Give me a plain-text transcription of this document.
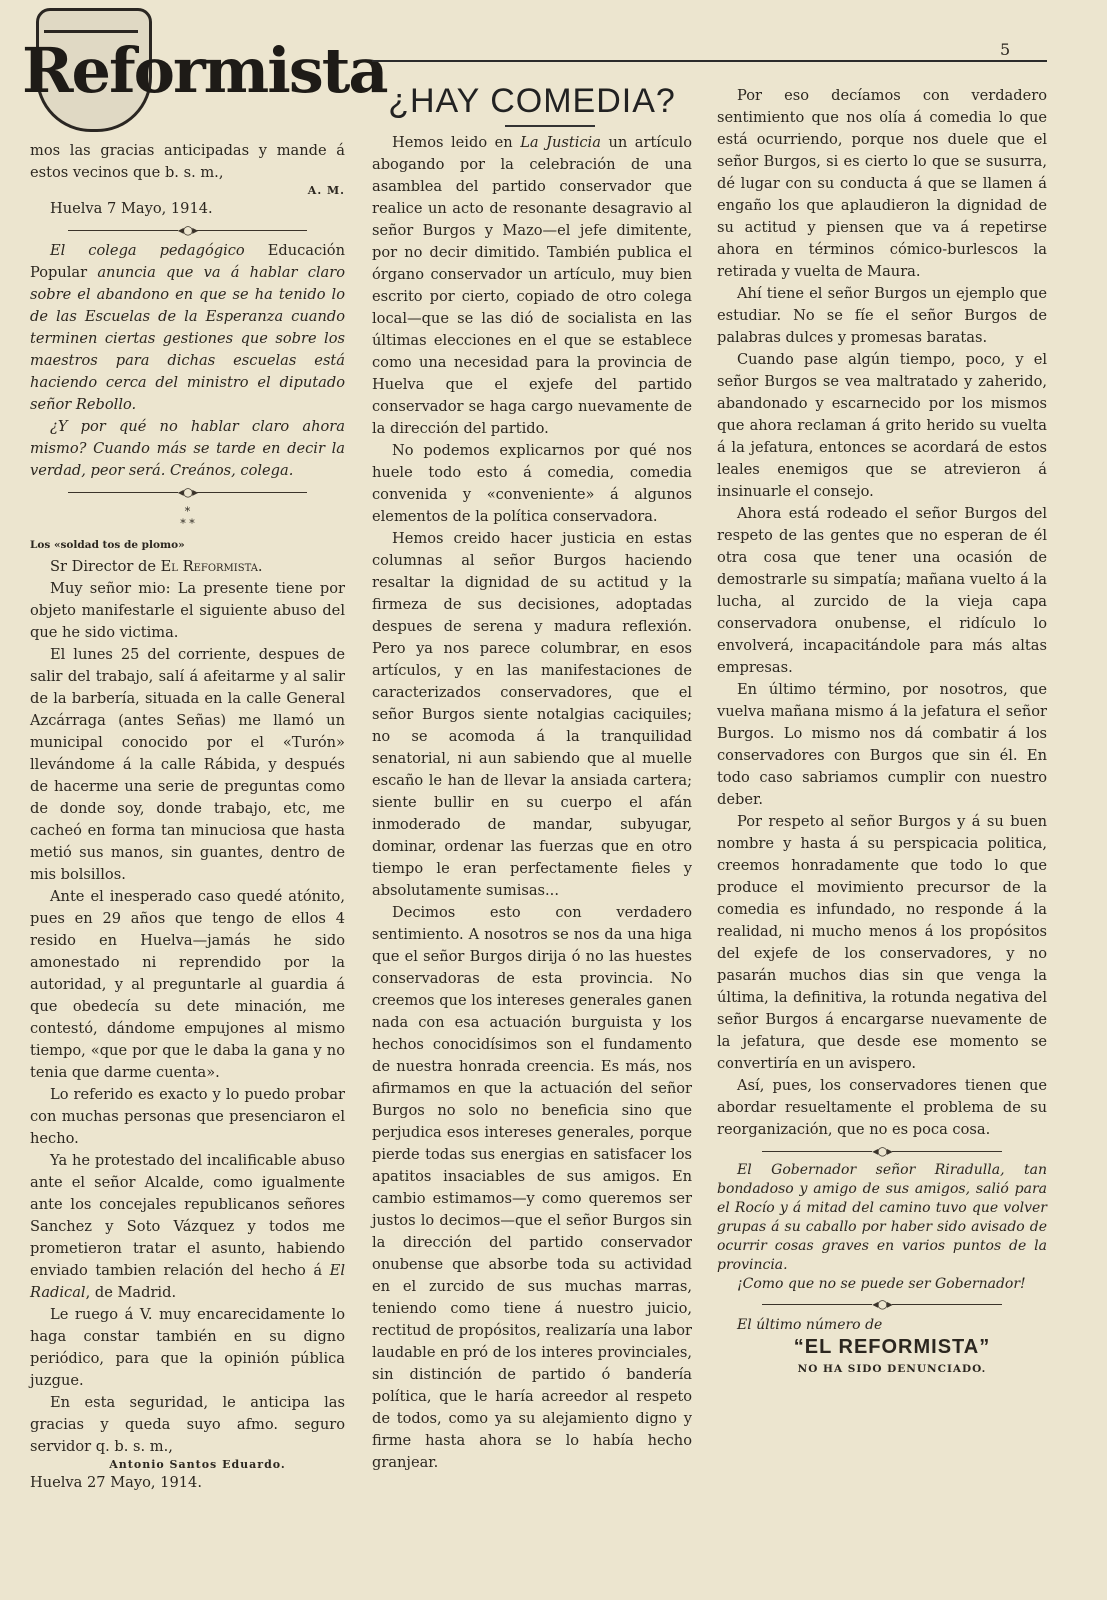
Reformista	5
¿HAY COMEDIA?

mos las gracias anticipadas y mande á estos vecinos que b. s. m.,

A. M.

Huelva 7 Mayo, 1914.

◂○▸

El colega pedagógico Educación Popular anuncia que va á hablar claro sobre el abandono en que se ha tenido lo de las Escuelas de la Esperanza cuando terminen ciertas gestiones que sobre los maestros para dichas escuelas está haciendo cerca del ministro el diputado señor Rebollo.

¿Y por qué no hablar claro ahora mismo? Cuando más se tarde en decir la verdad, peor será. Creános, colega.

◂○▸
*
* *

Los «soldad tos de plomo»

Sr Director de El Reformista.

Muy señor mio: La presente tiene por objeto manifestarle el siguiente abuso del que he sido victima.

El lunes 25 del corriente, despues de salir del trabajo, salí á afeitarme y al salir de la barbería, situada en la calle General Azcárraga (antes Señas) me llamó un municipal conocido por el «Turón» llevándome á la calle Rábida, y después de hacerme una serie de preguntas como de donde soy, donde trabajo, etc, me cacheó en forma tan minuciosa que hasta metió sus manos, sin guantes, dentro de mis bolsillos.

Ante el inesperado caso quedé atónito, pues en 29 años que tengo de ellos 4 resido en Huelva—jamás he sido amonestado ni reprendido por la autoridad, y al preguntarle al guardia á que obedecía su dete minación, me contestó, dándome empujones al mismo tiempo, «que por que le daba la gana y no tenia que darme cuenta».

Lo referido es exacto y lo puedo probar con muchas personas que presenciaron el hecho.

Ya he protestado del incalificable abuso ante el señor Alcalde, como igualmente ante los concejales republicanos señores Sanchez y Soto Vázquez y todos me prometieron tratar el asunto, habiendo enviado tambien relación del hecho á El Radical, de Madrid.

Le ruego á V. muy encarecidamente lo haga constar también en su digno periódico, para que la opinión pública juzgue.

En esta seguridad, le anticipa las gracias y queda suyo afmo. seguro servidor q. b. s. m.,

Antonio Santos Eduardo.

Huelva 27 Mayo, 1914.

Hemos leido en La Justicia un artículo abogando por la celebración de una asamblea del partido conservador que realice un acto de resonante desagravio al señor Burgos y Mazo—el jefe dimitente, por no decir dimitido. También publica el órgano conservador un artículo, muy bien escrito por cierto, copiado de otro colega local—que se las dió de socialista en las últimas elecciones en el que se establece como una necesidad para la provincia de Huelva que el exjefe del partido conservador se haga cargo nuevamente de la dirección del partido.

No podemos explicarnos por qué nos huele todo esto á comedia, comedia convenida y «conveniente» á algunos elementos de la política conservadora.

Hemos creido hacer justicia en estas columnas al señor Burgos haciendo resaltar la dignidad de su actitud y la firmeza de sus decisiones, adoptadas despues de serena y madura reflexión. Pero ya nos parece columbrar, en esos artículos, y en las manifestaciones de caracterizados conservadores, que el señor Burgos siente notalgias caciquiles; no se acomoda á la tranquilidad senatorial, ni aun sabiendo que al muelle escaño le han de llevar la ansiada cartera; siente bullir en su cuerpo el afán inmoderado de mandar, subyugar, dominar, ordenar las fuerzas que en otro tiempo le eran perfectamente fieles y absolutamente sumisas...

Decimos esto con verdadero sentimiento. A nosotros se nos da una higa que el señor Burgos dirija ó no las huestes conservadoras de esta provincia. No creemos que los intereses generales ganen nada con esa actuación burguista y los hechos conocidísimos son el fundamento de nuestra honrada creencia. Es más, nos afirmamos en que la actuación del señor Burgos no solo no beneficia sino que perjudica esos intereses generales, porque pierde todas sus energias en satisfacer los apatitos insaciables de sus amigos. En cambio estimamos—y como queremos ser justos lo decimos—que el señor Burgos sin la dirección del partido conservador onubense que absorbe toda su actividad en el zurcido de sus muchas marras, teniendo como tiene á nuestro juicio, rectitud de propósitos, realizaría una labor laudable en pró de los interes provinciales, sin distinción de partido ó bandería política, que le haría acreedor al respeto de todos, como ya su alejamiento digno y firme hasta ahora se lo había hecho granjear.

Por eso decíamos con verdadero sentimiento que nos olía á comedia lo que está ocurriendo, porque nos duele que el señor Burgos, si es cierto lo que se susurra, dé lugar con su conducta á que se llamen á engaño los que aplaudieron la dignidad de su actitud y piensen que va á repetirse ahora en términos cómico-burlescos la retirada y vuelta de Maura.

Ahí tiene el señor Burgos un ejemplo que estudiar. No se fíe el señor Burgos de palabras dulces y promesas baratas.

Cuando pase algún tiempo, poco, y el señor Burgos se vea maltratado y zaherido, abandonado y escarnecido por los mismos que ahora reclaman á grito herido su vuelta á la jefatura, entonces se acordará de estos leales enemigos que se atrevieron á insinuarle el consejo.

Ahora está rodeado el señor Burgos del respeto de las gentes que no esperan de él otra cosa que tener una ocasión de demostrarle su simpatía; mañana vuelto á la lucha, al zurcido de la vieja capa conservadora onubense, el ridículo lo envolverá, incapacitándole para más altas empresas.

En último término, por nosotros, que vuelva mañana mismo á la jefatura el señor Burgos. Lo mismo nos dá combatir á los conservadores con Burgos que sin él. En todo caso sabriamos cumplir con nuestro deber.

Por respeto al señor Burgos y á su buen nombre y hasta á su perspicacia politica, creemos honradamente que todo lo que produce el movimiento precursor de la comedia es infundado, no responde á la realidad, ni mucho menos á los propósitos del exjefe de los conservadores, y no pasarán muchos dias sin que venga la última, la definitiva, la rotunda negativa del señor Burgos á encargarse nuevamente de la jefatura, que desde ese momento se convertiría en un avispero.

Así, pues, los conservadores tienen que abordar resueltamente el problema de su reorganización, que no es poca cosa.

◂○▸

El Gobernador señor Riradulla, tan bondadoso y amigo de sus amigos, salió para el Rocío y á mitad del camino tuvo que volver grupas á su caballo por haber sido avisado de ocurrir cosas graves en varios puntos de la provincia.

¡Como que no se puede ser Gobernador!

◂○▸

El último número de

“EL REFORMISTA”

NO HA SIDO DENUNCIADO.
